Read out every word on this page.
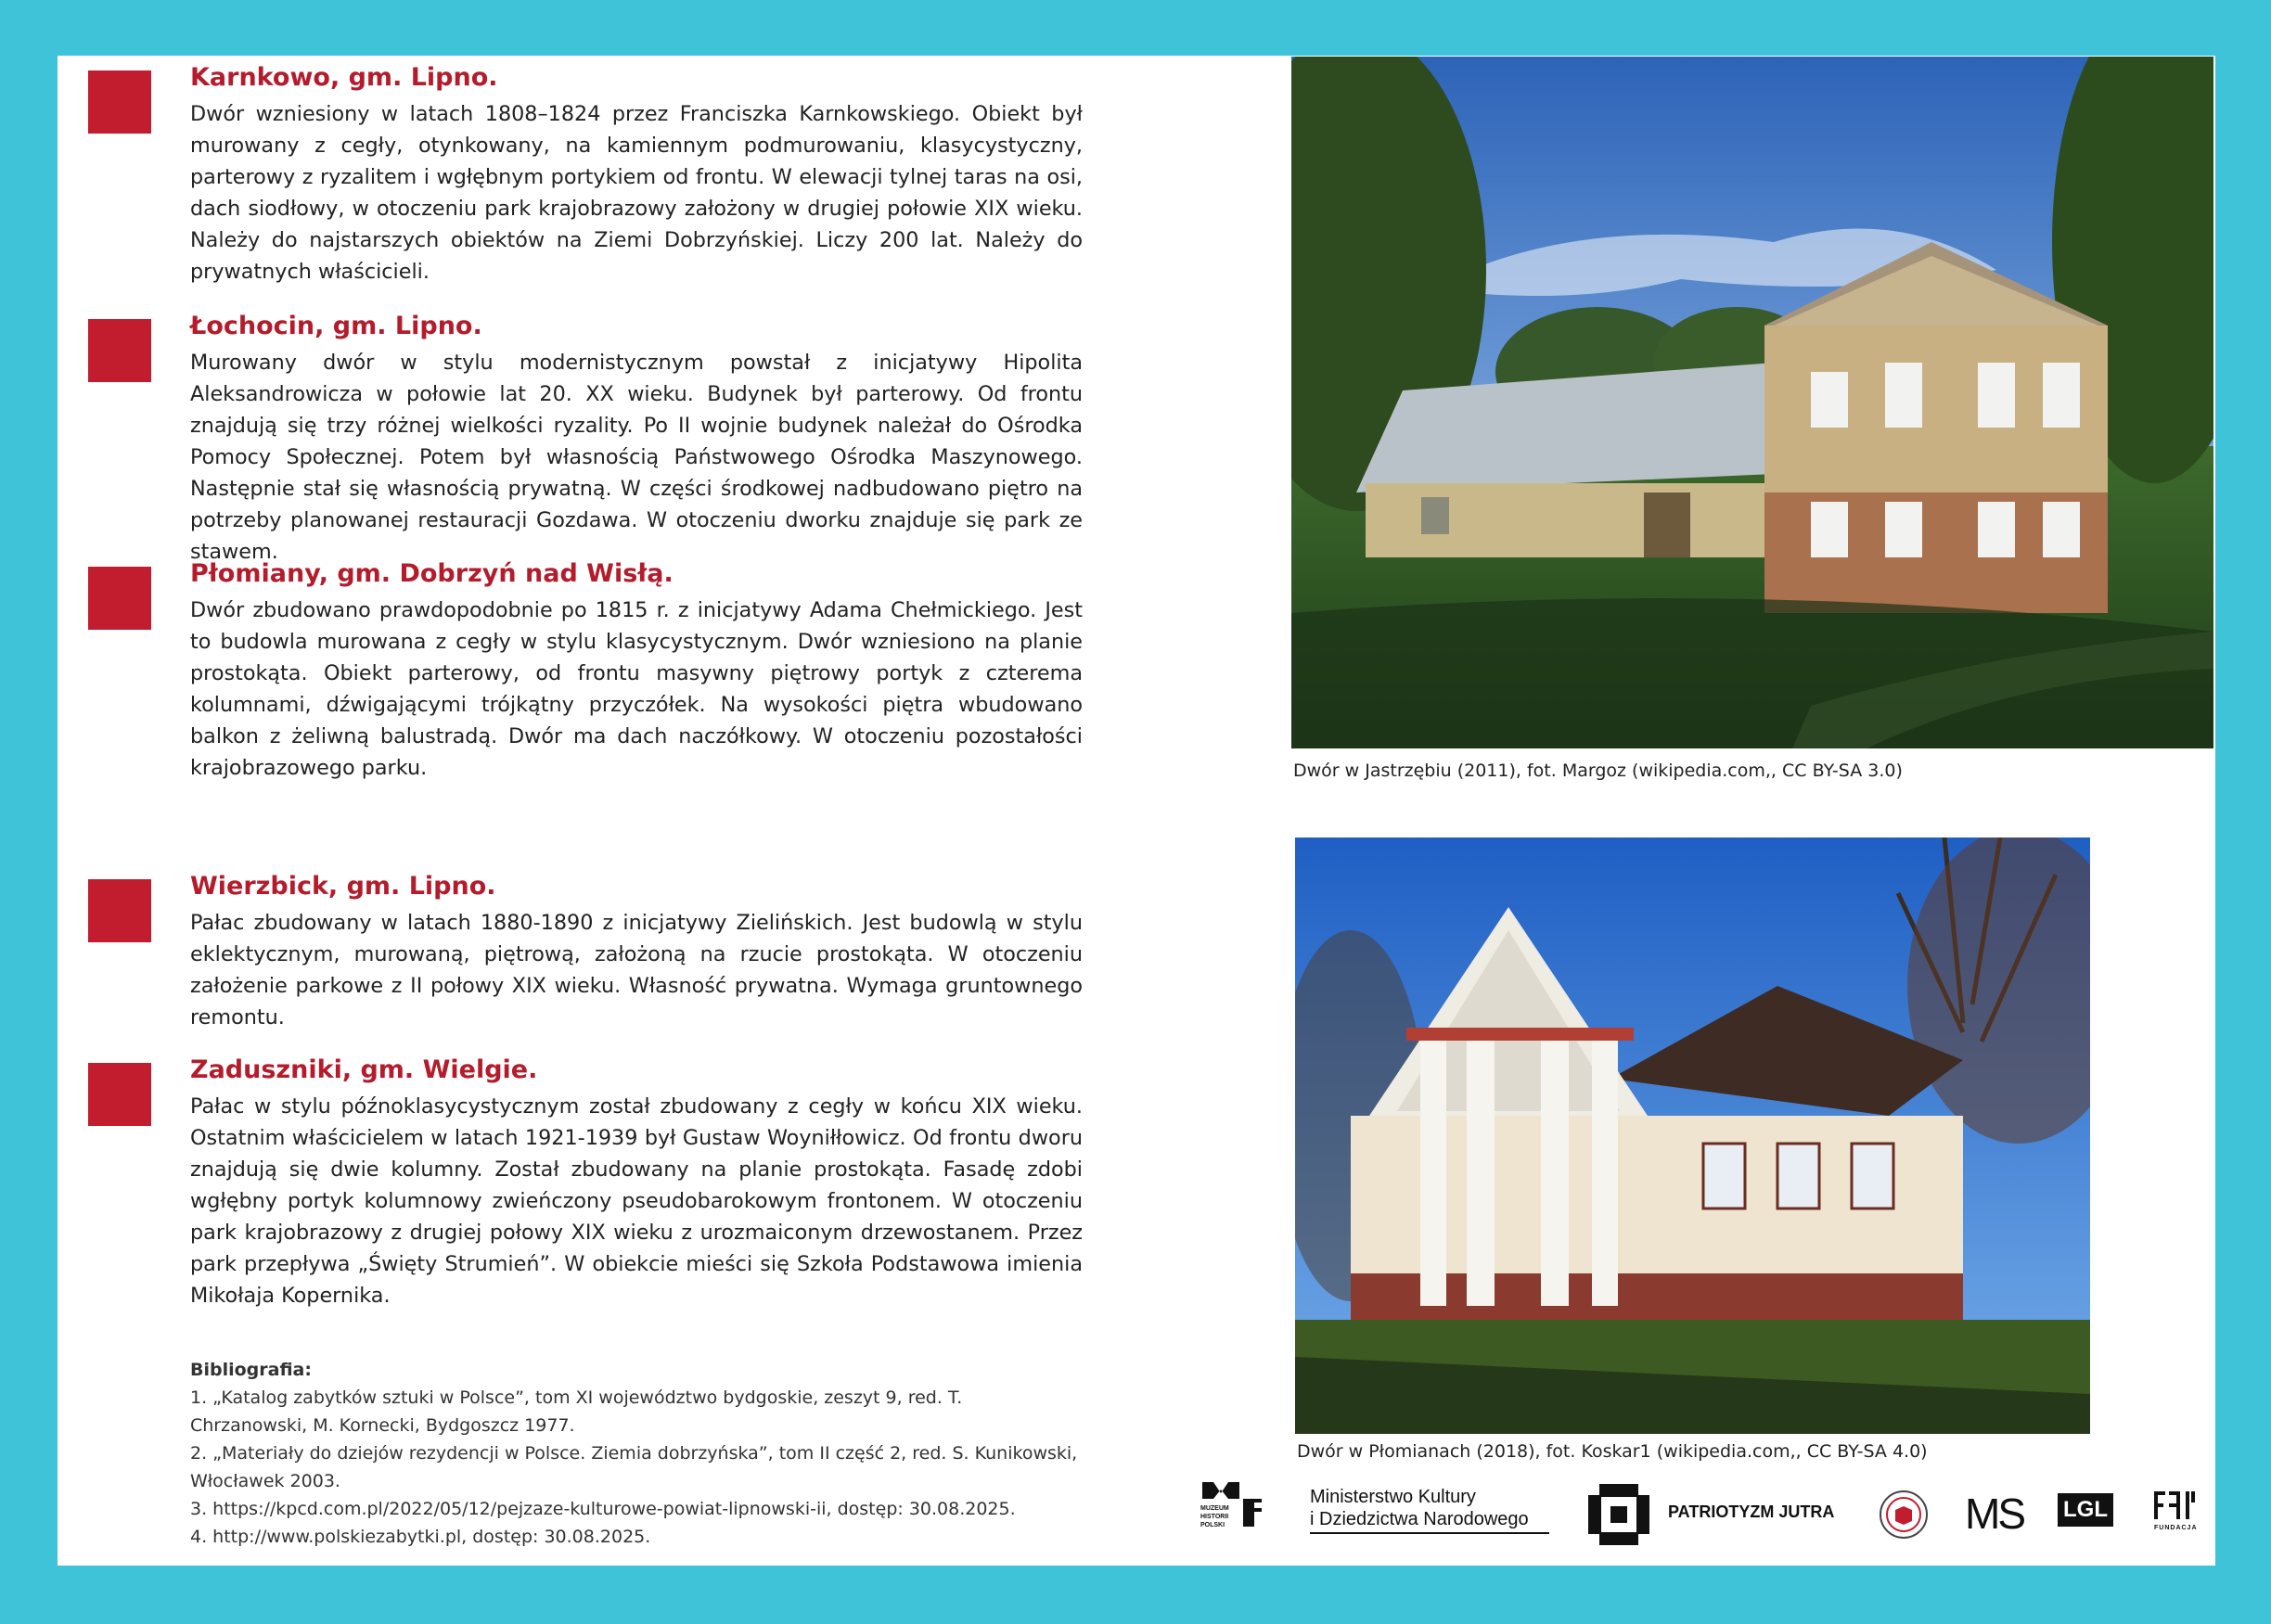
Karnkowo, gm. Lipno.

Dwór wzniesiony w latach 1808–1824 przez Franciszka Karnkowskiego. Obiekt był murowany z cegły, otynkowany, na kamiennym podmurowaniu, klasycystyczny, parterowy z ryzalitem i wgłębnym portykiem od frontu. W elewacji tylnej taras na osi, dach siodłowy, w otoczeniu park krajobrazowy założony w drugiej połowie XIX wieku. Należy do najstarszych obiektów na Ziemi Dobrzyńskiej. Liczy 200 lat. Należy do prywatnych właścicieli.

Łochocin, gm. Lipno.

Murowany dwór w stylu modernistycznym powstał z inicjatywy Hipolita Aleksandrowicza w połowie lat 20. XX wieku. Budynek był parterowy. Od frontu znajdują się trzy różnej wielkości ryzality. Po II wojnie budynek należał do Ośrodka Pomocy Społecznej. Potem był własnością Państwowego Ośrodka Maszynowego. Następnie stał się własnością prywatną. W części środkowej nadbudowano piętro na potrzeby planowanej restauracji Gozdawa. W otoczeniu dworku znajduje się park ze stawem.

Płomiany, gm. Dobrzyń nad Wisłą.

Dwór zbudowano prawdopodobnie po 1815 r. z inicjatywy Adama Chełmickiego. Jest to budowla murowana z cegły w stylu klasycystycznym. Dwór wzniesiono na planie prostokąta. Obiekt parterowy, od frontu masywny piętrowy portyk z czterema kolumnami, dźwigającymi trójkątny przyczółek. Na wysokości piętra wbudowano balkon z żeliwną balustradą. Dwór ma dach naczółkowy. W otoczeniu pozostałości krajobrazowego parku.

Wierzbick, gm. Lipno.

Pałac zbudowany w latach 1880-1890 z inicjatywy Zielińskich. Jest budowlą w stylu eklektycznym, murowaną, piętrową, założoną na rzucie prostokąta. W otoczeniu założenie parkowe z II połowy XIX wieku. Własność prywatna. Wymaga gruntownego remontu.

Zaduszniki, gm. Wielgie.

Pałac w stylu późnoklasycystycznym został zbudowany z cegły w końcu XIX wieku. Ostatnim właścicielem w latach 1921-1939 był Gustaw Woyniłłowicz. Od frontu dworu znajdują się dwie kolumny. Został zbudowany na planie prostokąta. Fasadę zdobi wgłębny portyk kolumnowy zwieńczony pseudobarokowym frontonem. W otoczeniu park krajobrazowy z drugiej połowy XIX wieku z urozmaiconym drzewostanem. Przez park przepływa „Święty Strumień”. W obiekcie mieści się Szkoła Podstawowa imienia Mikołaja Kopernika.

Bibliografia:
1. „Katalog zabytków sztuki w Polsce”, tom XI województwo bydgoskie, zeszyt 9, red. T. Chrzanowski, M. Kornecki, Bydgoszcz 1977.
2. „Materiały do dziejów rezydencji w Polsce. Ziemia dobrzyńska”, tom II część 2, red. S. Kunikowski, Włocławek 2003.
3. https://kpcd.com.pl/2022/05/12/pejzaze-kulturowe-powiat-lipnowski-ii, dostęp: 30.08.2025.
4. http://www.polskiezabytki.pl, dostęp: 30.08.2025.
Dwór w Jastrzębiu (2011), fot. Margoz (wikipedia.com,, CC BY-SA 3.0)
Dwór w Płomianach (2018), fot. Koskar1 (wikipedia.com,, CC BY-SA 4.0)
MUZEUM HISTORII POLSKI
Ministerstwo Kultury
i Dziedzictwa Narodowego	PATRIOTYZM JUTRA	MS LGL
FUNDACJA
